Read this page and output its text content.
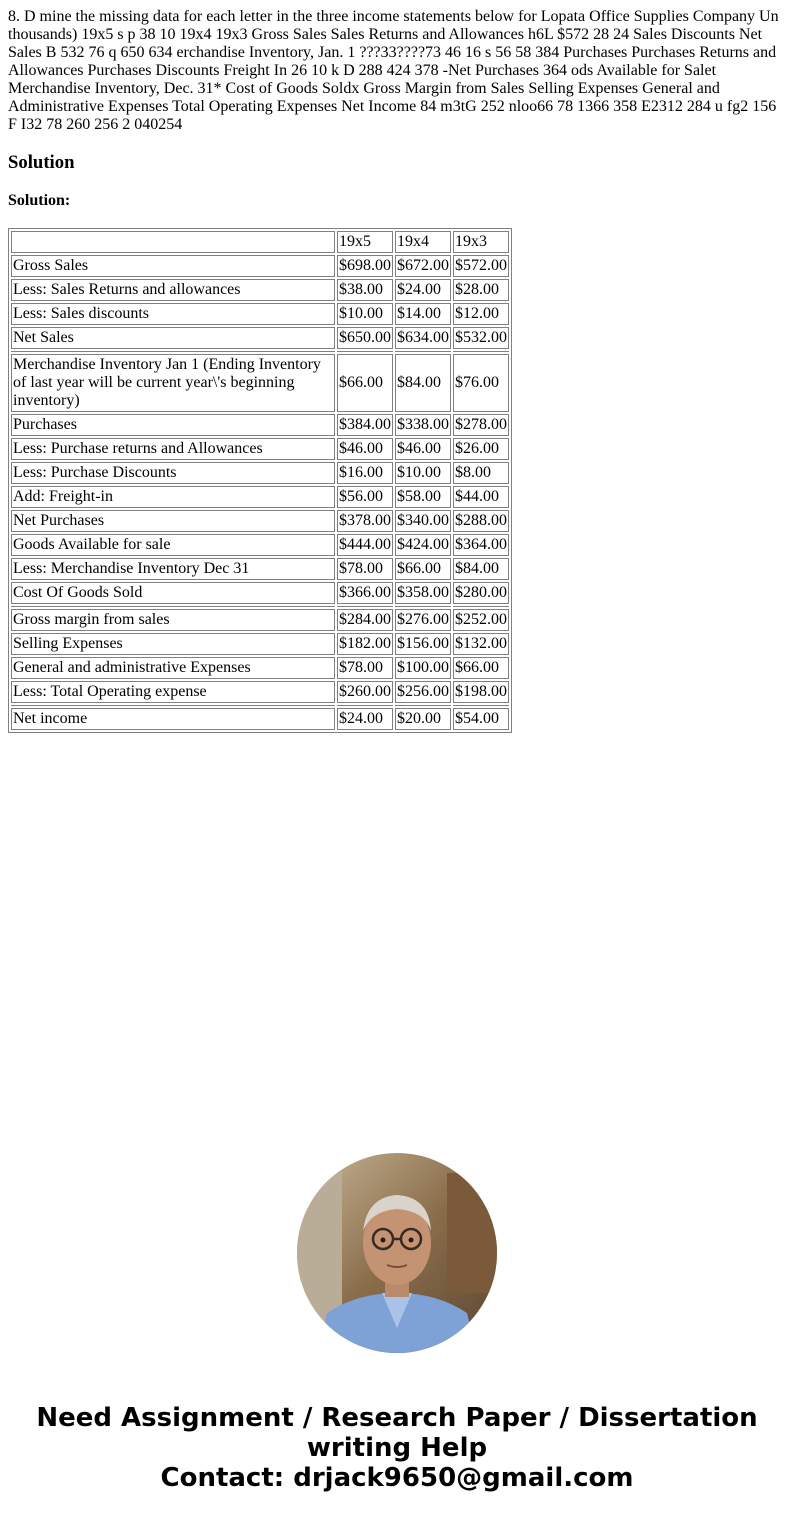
8. D mine the missing data for each letter in the three income statements below for Lopata Office Supplies Company Un thousands) 19x5 s p 38 10 19x4 19x3 Gross Sales Sales Returns and Allowances h6L $572 28 24 Sales Discounts Net Sales B 532 76 q 650 634 erchandise Inventory, Jan. 1 ???33????73 46 16 s 56 58 384 Purchases Purchases Returns and Allowances Purchases Discounts Freight In 26 10 k D 288 424 378 -Net Purchases 364 ods Available for Salet Merchandise Inventory, Dec. 31* Cost of Goods Soldx Gross Margin from Sales Selling Expenses General and Administrative Expenses Total Operating Expenses Net Income 84 m3tG 252 nloo66 78 1366 358 E2312 284 u fg2 156 F I32 78 260 256 2 040254

Solution

Solution:

	19x5	19x4	19x3
Gross Sales	$698.00	$672.00	$572.00
Less: Sales Returns and allowances	$38.00	$24.00	$28.00
Less: Sales discounts	$10.00	$14.00	$12.00
Net Sales	$650.00	$634.00	$532.00

Merchandise Inventory Jan 1 (Ending Inventory of last year will be current year\'s beginning inventory)	$66.00	$84.00	$76.00
Purchases	$384.00	$338.00	$278.00
Less: Purchase returns and Allowances	$46.00	$46.00	$26.00
Less: Purchase Discounts	$16.00	$10.00	$8.00
Add: Freight-in	$56.00	$58.00	$44.00
Net Purchases	$378.00	$340.00	$288.00
Goods Available for sale	$444.00	$424.00	$364.00
Less: Merchandise Inventory Dec 31	$78.00	$66.00	$84.00
Cost Of Goods Sold	$366.00	$358.00	$280.00

Gross margin from sales	$284.00	$276.00	$252.00
Selling Expenses	$182.00	$156.00	$132.00
General and administrative Expenses	$78.00	$100.00	$66.00
Less: Total Operating expense	$260.00	$256.00	$198.00

Net income	$24.00	$20.00	$54.00
Need Assignment / Research Paper / Dissertation writing Help
Contact: drjack9650@gmail.com
